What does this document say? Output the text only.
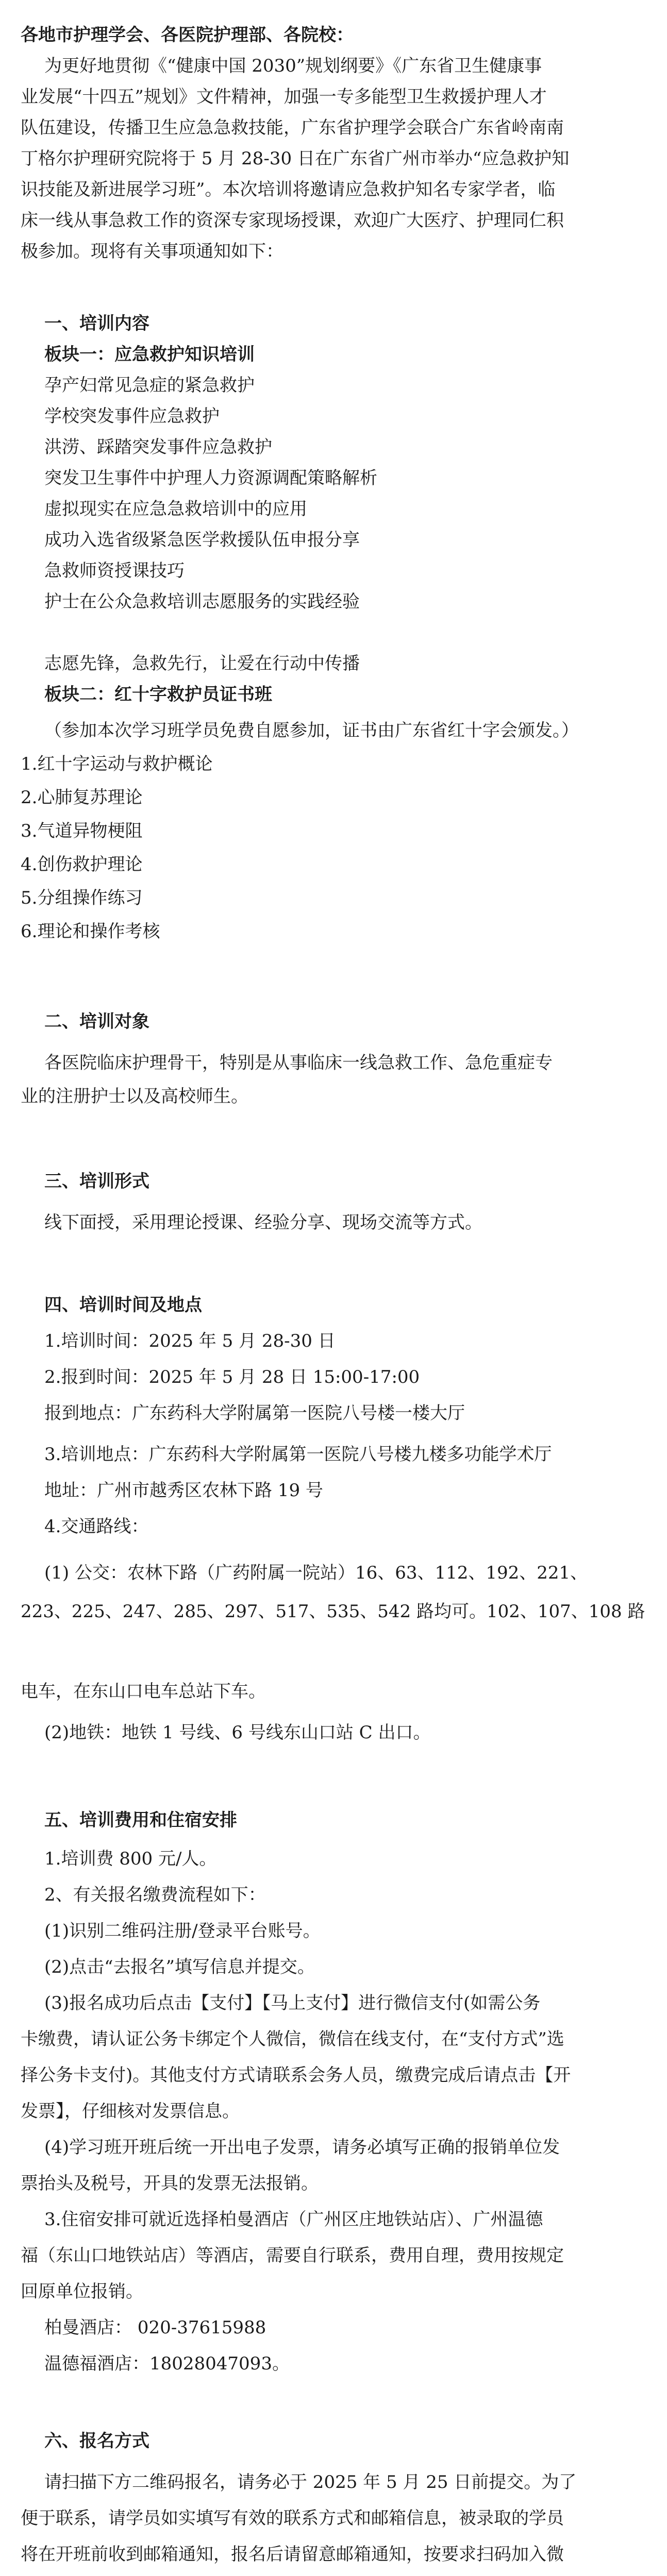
各地市护理学会、各医院护理部、各院校：
为更好地贯彻《“健康中国 2030”规划纲要》《广东省卫生健康事
业发展“十四五”规划》文件精神，加强一专多能型卫生救援护理人才
队伍建设，传播卫生应急急救技能，广东省护理学会联合广东省岭南南
丁格尔护理研究院将于 5 月 28-30 日在广东省广州市举办“应急救护知
识技能及新进展学习班”。本次培训将邀请应急救护知名专家学者，临
床一线从事急救工作的资深专家现场授课，欢迎广大医疗、护理同仁积
极参加。现将有关事项通知如下：
一、培训内容
板块一：应急救护知识培训
孕产妇常见急症的紧急救护
学校突发事件应急救护
洪涝、踩踏突发事件应急救护
突发卫生事件中护理人力资源调配策略解析
虚拟现实在应急急救培训中的应用
成功入选省级紧急医学救援队伍申报分享
急救师资授课技巧
护士在公众急救培训志愿服务的实践经验
志愿先锋，急救先行，让爱在行动中传播
板块二：红十字救护员证书班
（参加本次学习班学员免费自愿参加，证书由广东省红十字会颁发。）
1.红十字运动与救护概论
2.心肺复苏理论
3.气道异物梗阻
4.创伤救护理论
5.分组操作练习
6.理论和操作考核
二、培训对象
各医院临床护理骨干，特别是从事临床一线急救工作、急危重症专
业的注册护士以及高校师生。
三、培训形式
线下面授，采用理论授课、经验分享、现场交流等方式。
四、培训时间及地点
1.培训时间：2025 年 5 月 28-30 日
2.报到时间：2025 年 5 月 28 日 15:00-17:00
报到地点：广东药科大学附属第一医院八号楼一楼大厅
3.培训地点：广东药科大学附属第一医院八号楼九楼多功能学术厅
地址：广州市越秀区农林下路 19 号
4.交通路线：
(1) 公交：农林下路（广药附属一院站）16、63、112、192、221、
223、225、247、285、297、517、535、542 路均可。102、107、108 路
电车，在东山口电车总站下车。
(2)地铁：地铁 1 号线、6 号线东山口站 C 出口。
五、培训费用和住宿安排
1.培训费 800 元/人。
2、有关报名缴费流程如下：
(1)识别二维码注册/登录平台账号。
(2)点击“去报名”填写信息并提交。
(3)报名成功后点击【支付】【马上支付】进行微信支付(如需公务
卡缴费，请认证公务卡绑定个人微信，微信在线支付，在“支付方式”选
择公务卡支付)。其他支付方式请联系会务人员，缴费完成后请点击【开
发票】，仔细核对发票信息。
(4)学习班开班后统一开出电子发票，请务必填写正确的报销单位发
票抬头及税号，开具的发票无法报销。
3.住宿安排可就近选择柏曼酒店（广州区庄地铁站店）、广州温德
福（东山口地铁站店）等酒店，需要自行联系，费用自理，费用按规定
回原单位报销。
柏曼酒店： 020-37615988
温德福酒店：18028047093。
六、报名方式
请扫描下方二维码报名，请务必于 2025 年 5 月 25 日前提交。为了
便于联系，请学员如实填写有效的联系方式和邮箱信息，被录取的学员
将在开班前收到邮箱通知，报名后请留意邮箱通知，按要求扫码加入微
